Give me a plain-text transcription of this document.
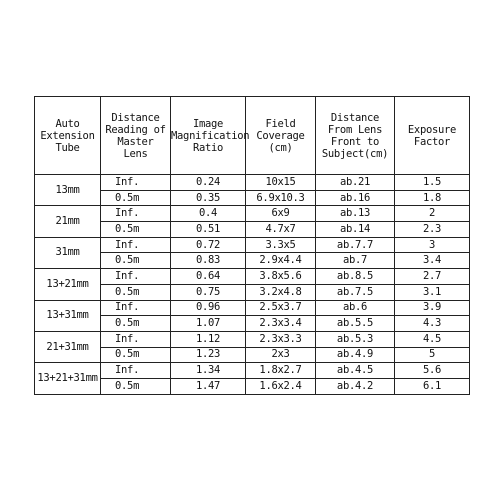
Auto
Extension
Tube	Distance
Reading of
Master
Lens	Image
Magnification
Ratio	Field
Coverage
(cm)	Distance
From Lens
Front to
Subject(cm)	Exposure
Factor

13mm	Inf.	0.24	10x15	ab.21	1.5
	0.5m	0.35	6.9x10.3	ab.16	1.8
21mm	Inf.	0.4	6x9	ab.13	2
	0.5m	0.51	4.7x7	ab.14	2.3
31mm	Inf.	0.72	3.3x5	ab.7.7	3
	0.5m	0.83	2.9x4.4	ab.7	3.4
13+21mm	Inf.	0.64	3.8x5.6	ab.8.5	2.7
	0.5m	0.75	3.2x4.8	ab.7.5	3.1
13+31mm	Inf.	0.96	2.5x3.7	ab.6	3.9
	0.5m	1.07	2.3x3.4	ab.5.5	4.3
21+31mm	Inf.	1.12	2.3x3.3	ab.5.3	4.5
	0.5m	1.23	2x3	ab.4.9	5
13+21+31mm	Inf.	1.34	1.8x2.7	ab.4.5	5.6
	0.5m	1.47	1.6x2.4	ab.4.2	6.1
